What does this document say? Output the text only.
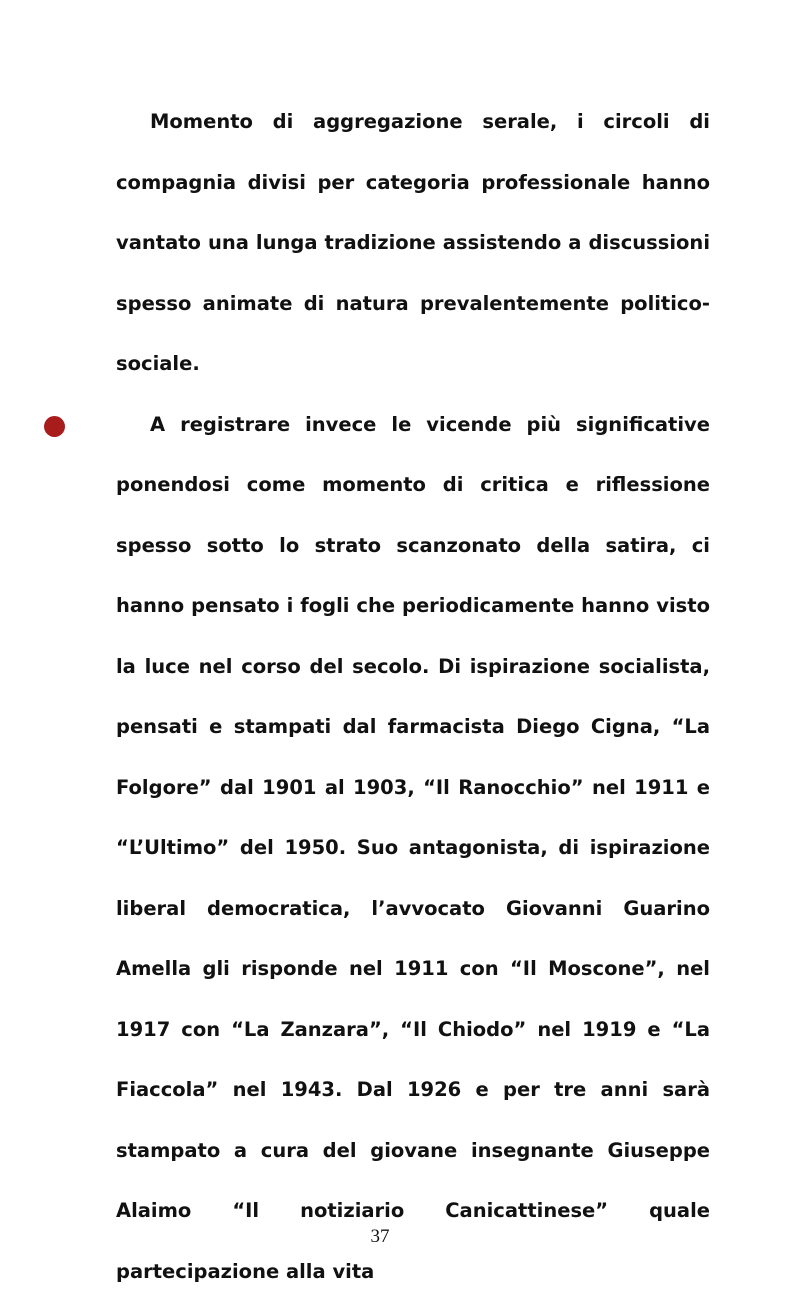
Momento di aggregazione serale, i circoli di compagnia divisi per categoria professionale hanno vantato una lunga tradizione assistendo a discussioni spesso animate di natura prevalentemente politico-sociale.

A registrare invece le vicende più significative ponendosi come momento di critica e riflessione spesso sotto lo strato scanzonato della satira, ci hanno pensato i fogli che periodicamente hanno visto la luce nel corso del secolo. Di ispirazione socialista, pensati e stampati dal farmacista Diego Cigna, “La Folgore” dal 1901 al 1903, “Il Ranocchio” nel 1911 e “L’Ultimo” del 1950. Suo antagonista, di ispirazione liberal democratica, l’avvocato Giovanni Guarino Amella gli risponde nel 1911 con “Il Moscone”, nel 1917 con “La Zanzara”, “Il Chiodo” nel 1919 e “La Fiaccola” nel 1943. Dal 1926 e per tre anni sarà stampato a cura del giovane insegnante Giuseppe Alaimo “Il notiziario Canicattinese” quale partecipazione alla vita

37
